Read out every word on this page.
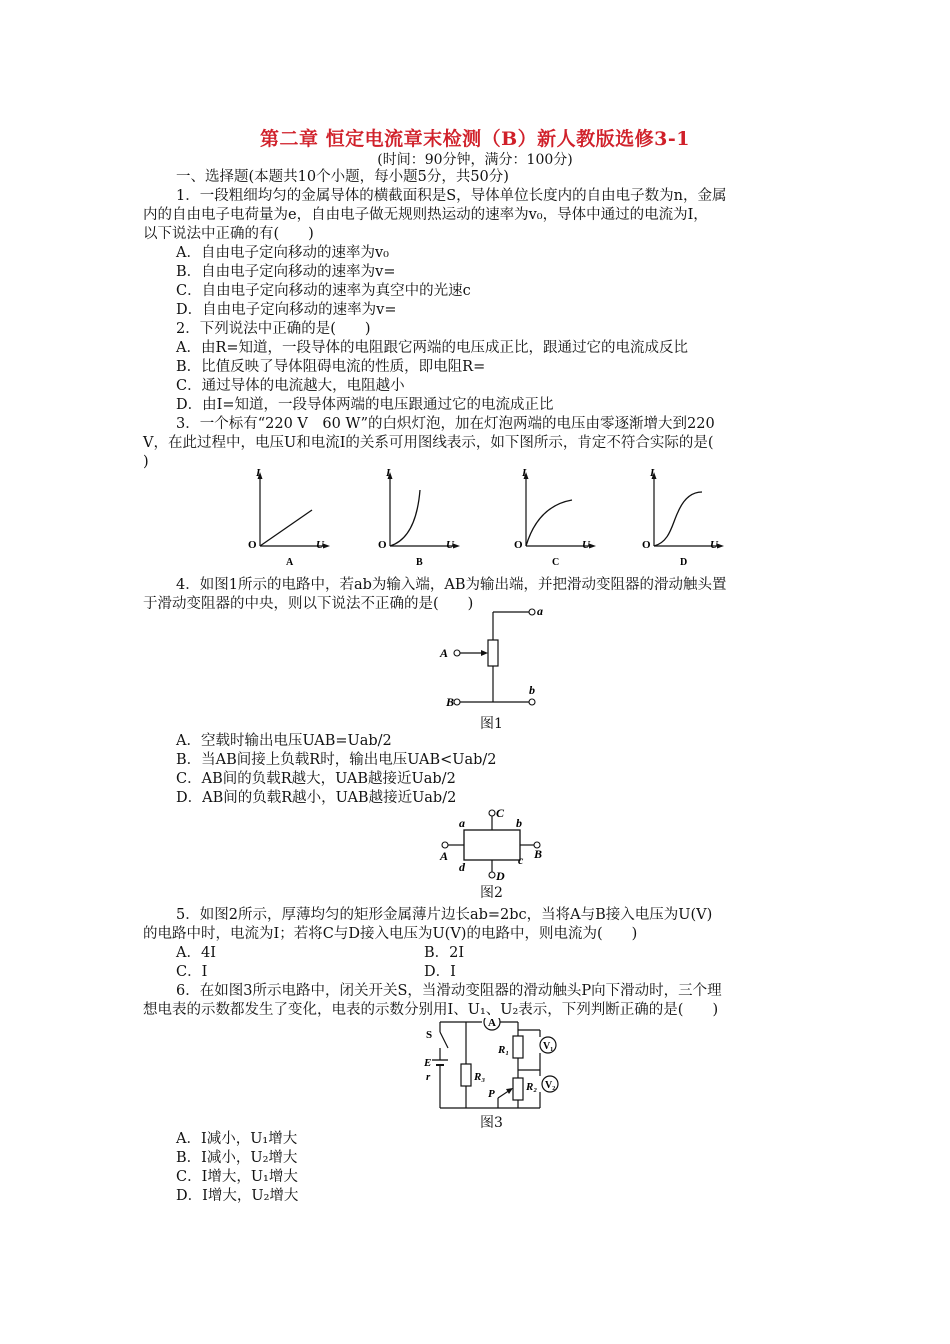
第二章 恒定电流章末检测（B）新人教版选修3-1
(时间：90分钟，满分：100分)
一、选择题(本题共10个小题，每小题5分，共50分)
1．一段粗细均匀的金属导体的横截面积是S，导体单位长度内的自由电子数为n，金属
内的自由电子电荷量为e，自由电子做无规则热运动的速率为v₀，导体中通过的电流为I，
以下说法中正确的有(　　)
A．自由电子定向移动的速率为v₀
B．自由电子定向移动的速率为v=
C．自由电子定向移动的速率为真空中的光速c
D．自由电子定向移动的速率为v=
2．下列说法中正确的是(　　)
A．由R=知道，一段导体的电阻跟它两端的电压成正比，跟通过它的电流成反比
B．比值反映了导体阻碍电流的性质，即电阻R=
C．通过导体的电流越大，电阻越小
D．由I=知道，一段导体两端的电压跟通过它的电流成正比
3．一个标有“220 V　60 W”的白炽灯泡，加在灯泡两端的电压由零逐渐增大到220
V，在此过程中，电压U和电流I的关系可用图线表示，如下图所示，肯定不符合实际的是(
)
I
O	U
A
I
O	U
B
I
O	U
C
I
O	U
D
4．如图1所示的电路中，若ab为输入端，AB为输出端，并把滑动变阻器的滑动触头置
于滑动变阻器的中央，则以下说法不正确的是(　　)	a
A
B
b
图1
A．空载时输出电压UAB=Uab/2
B．当AB间接上负载R时，输出电压UAB<Uab/2
C．AB间的负载R越大，UAB越接近Uab/2
D．AB间的负载R越小，UAB越接近Uab/2
C
D
A	B
a	b
d	c
图2
5．如图2所示，厚薄均匀的矩形金属薄片边长ab=2bc，当将A与B接入电压为U(V)
的电路中时，电流为I；若将C与D接入电压为U(V)的电路中，则电流为(　　)
A．4I	B．2I
C．I	D．I
6．在如图3所示电路中，闭关开关S，当滑动变阻器的滑动触头P向下滑动时，三个理
想电表的示数都发生了变化，电表的示数分别用I、U₁、U₂表示，下列判断正确的是(　　)
A
R₁
R₂
V₁
V₂
P
R₃
S
E
r
图3
A．I减小，U₁增大
B．I减小，U₂增大
C．I增大，U₁增大
D．I增大，U₂增大
